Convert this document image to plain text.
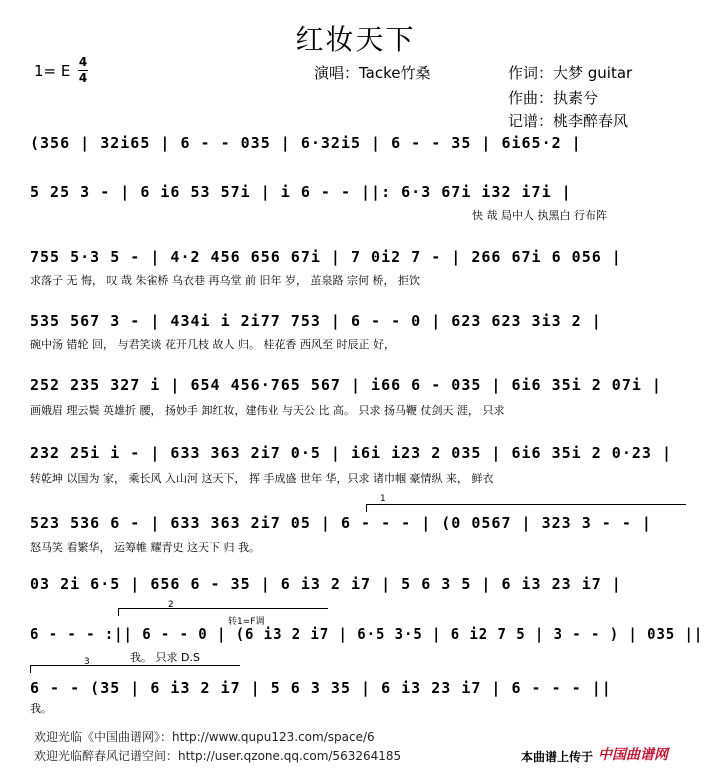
红妆天下
1= E 4
4	演唱：Tacke竹桑	作词：大梦 guitar
作曲：执素兮
记谱：桃李醉春风
(356 | 32i65 | 6 - - 035 | 6·32i5 | 6 - - 35 | 6i65·2 |
5 25 3 - | 6 i6 53 57i | i 6 - - ||: 6·3 67i i32 i7i |
快 哉 局中人 执黑白 行布阵
755 5·3 5 - | 4·2 456 656 67i | 7 0i2 7 - | 266 67i 6 056 |
求落子 无 悔， 叹 哉 朱雀桥 乌衣巷 再乌堂 前 旧年 岁， 茧泉路 宗何 桥， 拒饮
535 567 3 - | 434i i 2i77 753 | 6 - - 0 | 623 623 3i3 2 |
碗中汤 错轮 回， 与君笑谈 花开几枝 故人 归。 桂花香 西风至 时辰正 好，
252 235 327 i | 654 456·765 567 | i66 6 - 035 | 6i6 35i 2 07i |
画娥眉 理云鬓 英雄折 腰， 扬妙手 卸红妆，建伟业 与天公 比 高。 只求 扬马鞭 仗剑天 涯， 只求
232 25i i - | 633 363 2i7 0·5 | i6i i23 2 035 | 6i6 35i 2 0·23 |
转乾坤 以国为 家， 乘长风 入山河 这天下， 挥 手成盛 世年 华，只求 诸巾帼 豪情纵 来， 鲜衣
1
523 536 6 - | 633 363 2i7 05 | 6 - - - | (0 0567 | 323 3 - - |
怒马笑 看繁华， 运筹帷 耀青史 这天下 归 我。
03 2i 6·5 | 656 6 - 35 | 6 i3 2 i7 | 5 6 3 5 | 6 i3 23 i7 |
2
转1=F调
6 - - - :|| 6 - - 0 | (6 i3 2 i7 | 6·5 3·5 | 6 i2 7 5 | 3 - - ) | 035 ||
我。 只求 D.S
3
6 - - (35 | 6 i3 2 i7 | 5 6 3 35 | 6 i3 23 i7 | 6 - - - ||
我。
欢迎光临《中国曲谱网》：http://www.qupu123.com/space/6
欢迎光临醉春风记谱空间：http://user.qzone.qq.com/563264185	本曲谱上传于 中国曲谱网
